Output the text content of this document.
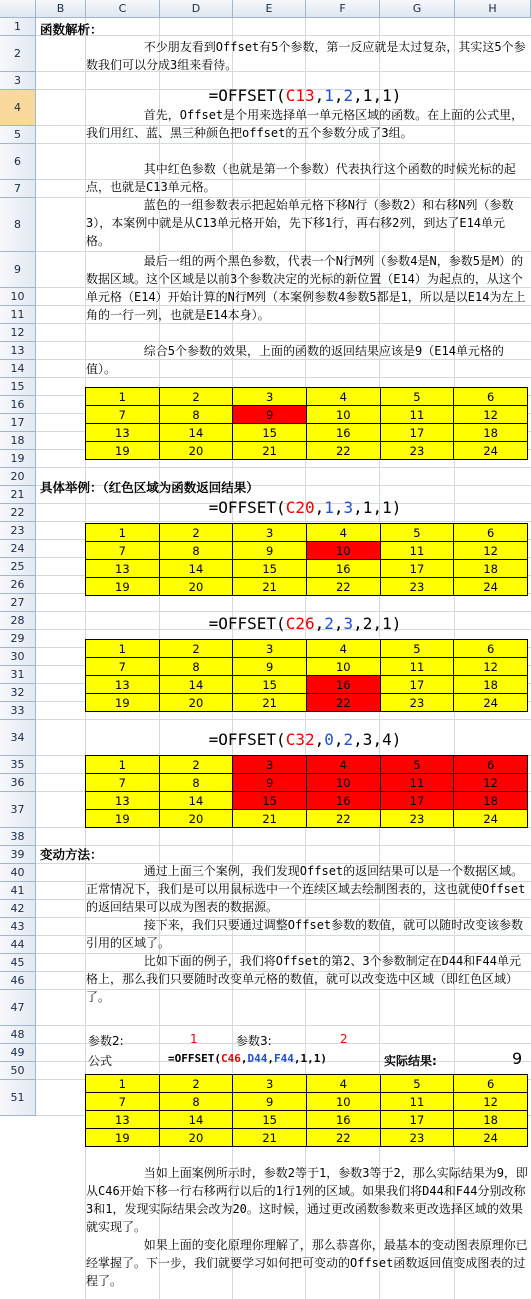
B	C	D	E	F	G	H
1
2
3
4
5
6
7
8
9
10
11
12
13
14
15
16
17
18
19
20
21
22
23
24
25
26
27
28
29
30
31
32
33
34
35
36
37
38
39
40
41
42
43
44
45
46
47
48
49
50
51
函数解析：
不少朋友看到Offset有5个参数，第一反应就是太过复杂，其实这5个参数我们可以分成3组来看待。
=OFFSET(C13,1,2,1,1)
首先，Offset是个用来选择单一单元格区域的函数。在上面的公式里，我们用红、蓝、黑三种颜色把offset的五个参数分成了3组。
其中红色参数（也就是第一个参数）代表执行这个函数的时候光标的起点，也就是C13单元格。
蓝色的一组参数表示把起始单元格下移N行（参数2）和右移N列（参数3），本案例中就是从C13单元格开始，先下移1行，再右移2列，到达了E14单元格。
最后一组的两个黑色参数，代表一个N行M列（参数4是N，参数5是M）的数据区域。这个区域是以前3个参数决定的光标的新位置（E14）为起点的，从这个单元格（E14）开始计算的N行M列（本案例参数4参数5都是1，所以是以E14为左上角的一行一列，也就是E14本身）。
综合5个参数的效果，上面的函数的返回结果应该是9（E14单元格的值）。
1	2	3	4	5	6
7	8	9	10	11	12
13	14	15	16	17	18
19	20	21	22	23	24
具体举例：（红色区域为函数返回结果）
=OFFSET(C20,1,3,1,1)
1	2	3	4	5	6
7	8	9	10	11	12
13	14	15	16	17	18
19	20	21	22	23	24
=OFFSET(C26,2,3,2,1)
1	2	3	4	5	6
7	8	9	10	11	12
13	14	15	16	17	18
19	20	21	22	23	24
=OFFSET(C32,0,2,3,4)
1	2	3	4	5	6
7	8	9	10	11	12
13	14	15	16	17	18
19	20	21	22	23	24
变动方法：
通过上面三个案例，我们发现Offset的返回结果可以是一个数据区域。正常情况下，我们是可以用鼠标选中一个连续区域去绘制图表的，这也就使Offset的返回结果可以成为图表的数据源。
接下来，我们只要通过调整Offset参数的数值，就可以随时改变该参数引用的区域了。
比如下面的例子，我们将Offset的第2、3个参数制定在D44和F44单元格上，那么我们只要随时改变单元格的数值，就可以改变选中区域（即红色区域）了。
参数2:	1	参数3:	2
公式	=OFFSET(C46,D44,F44,1,1)	实际结果:	9
1	2	3	4	5	6
7	8	9	10	11	12
13	14	15	16	17	18
19	20	21	22	23	24
当如上面案例所示时，参数2等于1，参数3等于2，那么实际结果为9，即从C46开始下移一行右移两行以后的1行1列的区域。如果我们将D44和F44分别改称3和1，发现实际结果会改为20。这时候，通过更改函数参数来更改选择区域的效果就实现了。
如果上面的变化原理你理解了，那么恭喜你，最基本的变动图表原理你已经掌握了。下一步，我们就要学习如何把可变动的Offset函数返回值变成图表的过程了。
